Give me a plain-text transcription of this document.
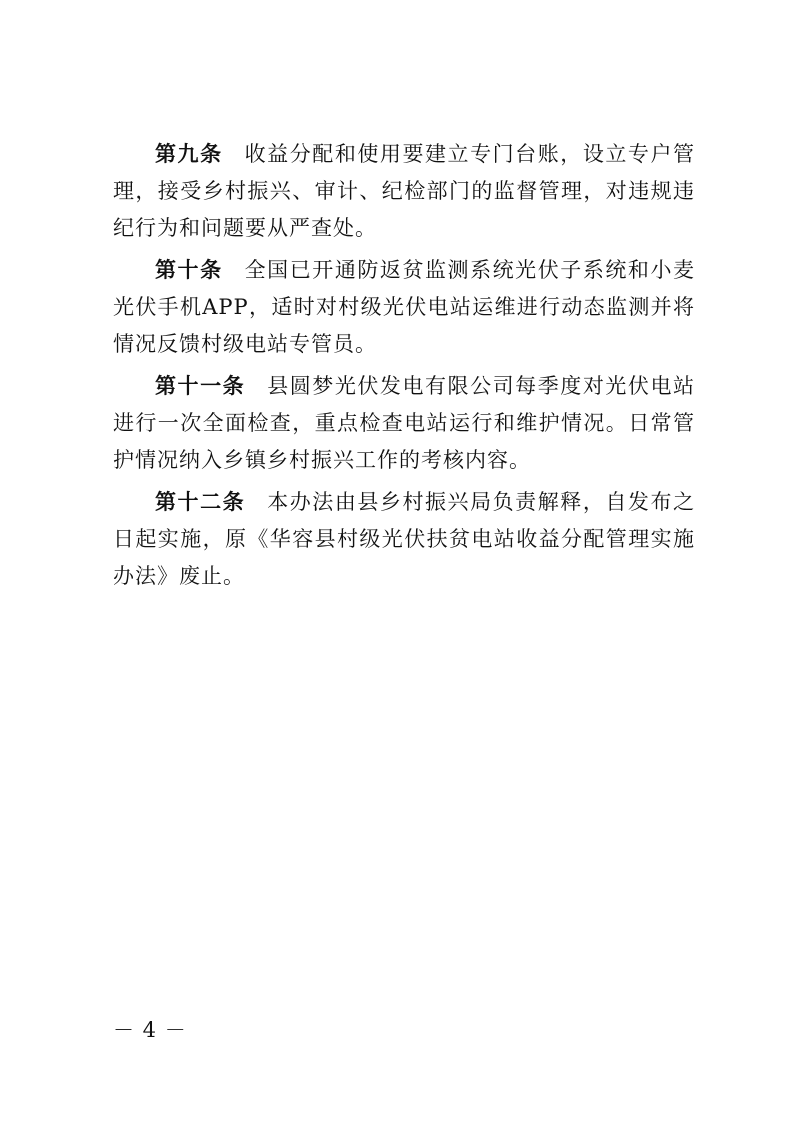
第九条 收益分配和使用要建立专门台账，设立专户管理，接受乡村振兴、审计、纪检部门的监督管理，对违规违纪行为和问题要从严查处。

第十条 全国已开通防返贫监测系统光伏子系统和小麦光伏手机APP，适时对村级光伏电站运维进行动态监测并将情况反馈村级电站专管员。

第十一条 县圆梦光伏发电有限公司每季度对光伏电站进行一次全面检查，重点检查电站运行和维护情况。日常管护情况纳入乡镇乡村振兴工作的考核内容。

第十二条 本办法由县乡村振兴局负责解释，自发布之日起实施，原《华容县村级光伏扶贫电站收益分配管理实施办法》废止。

－ 4 －
